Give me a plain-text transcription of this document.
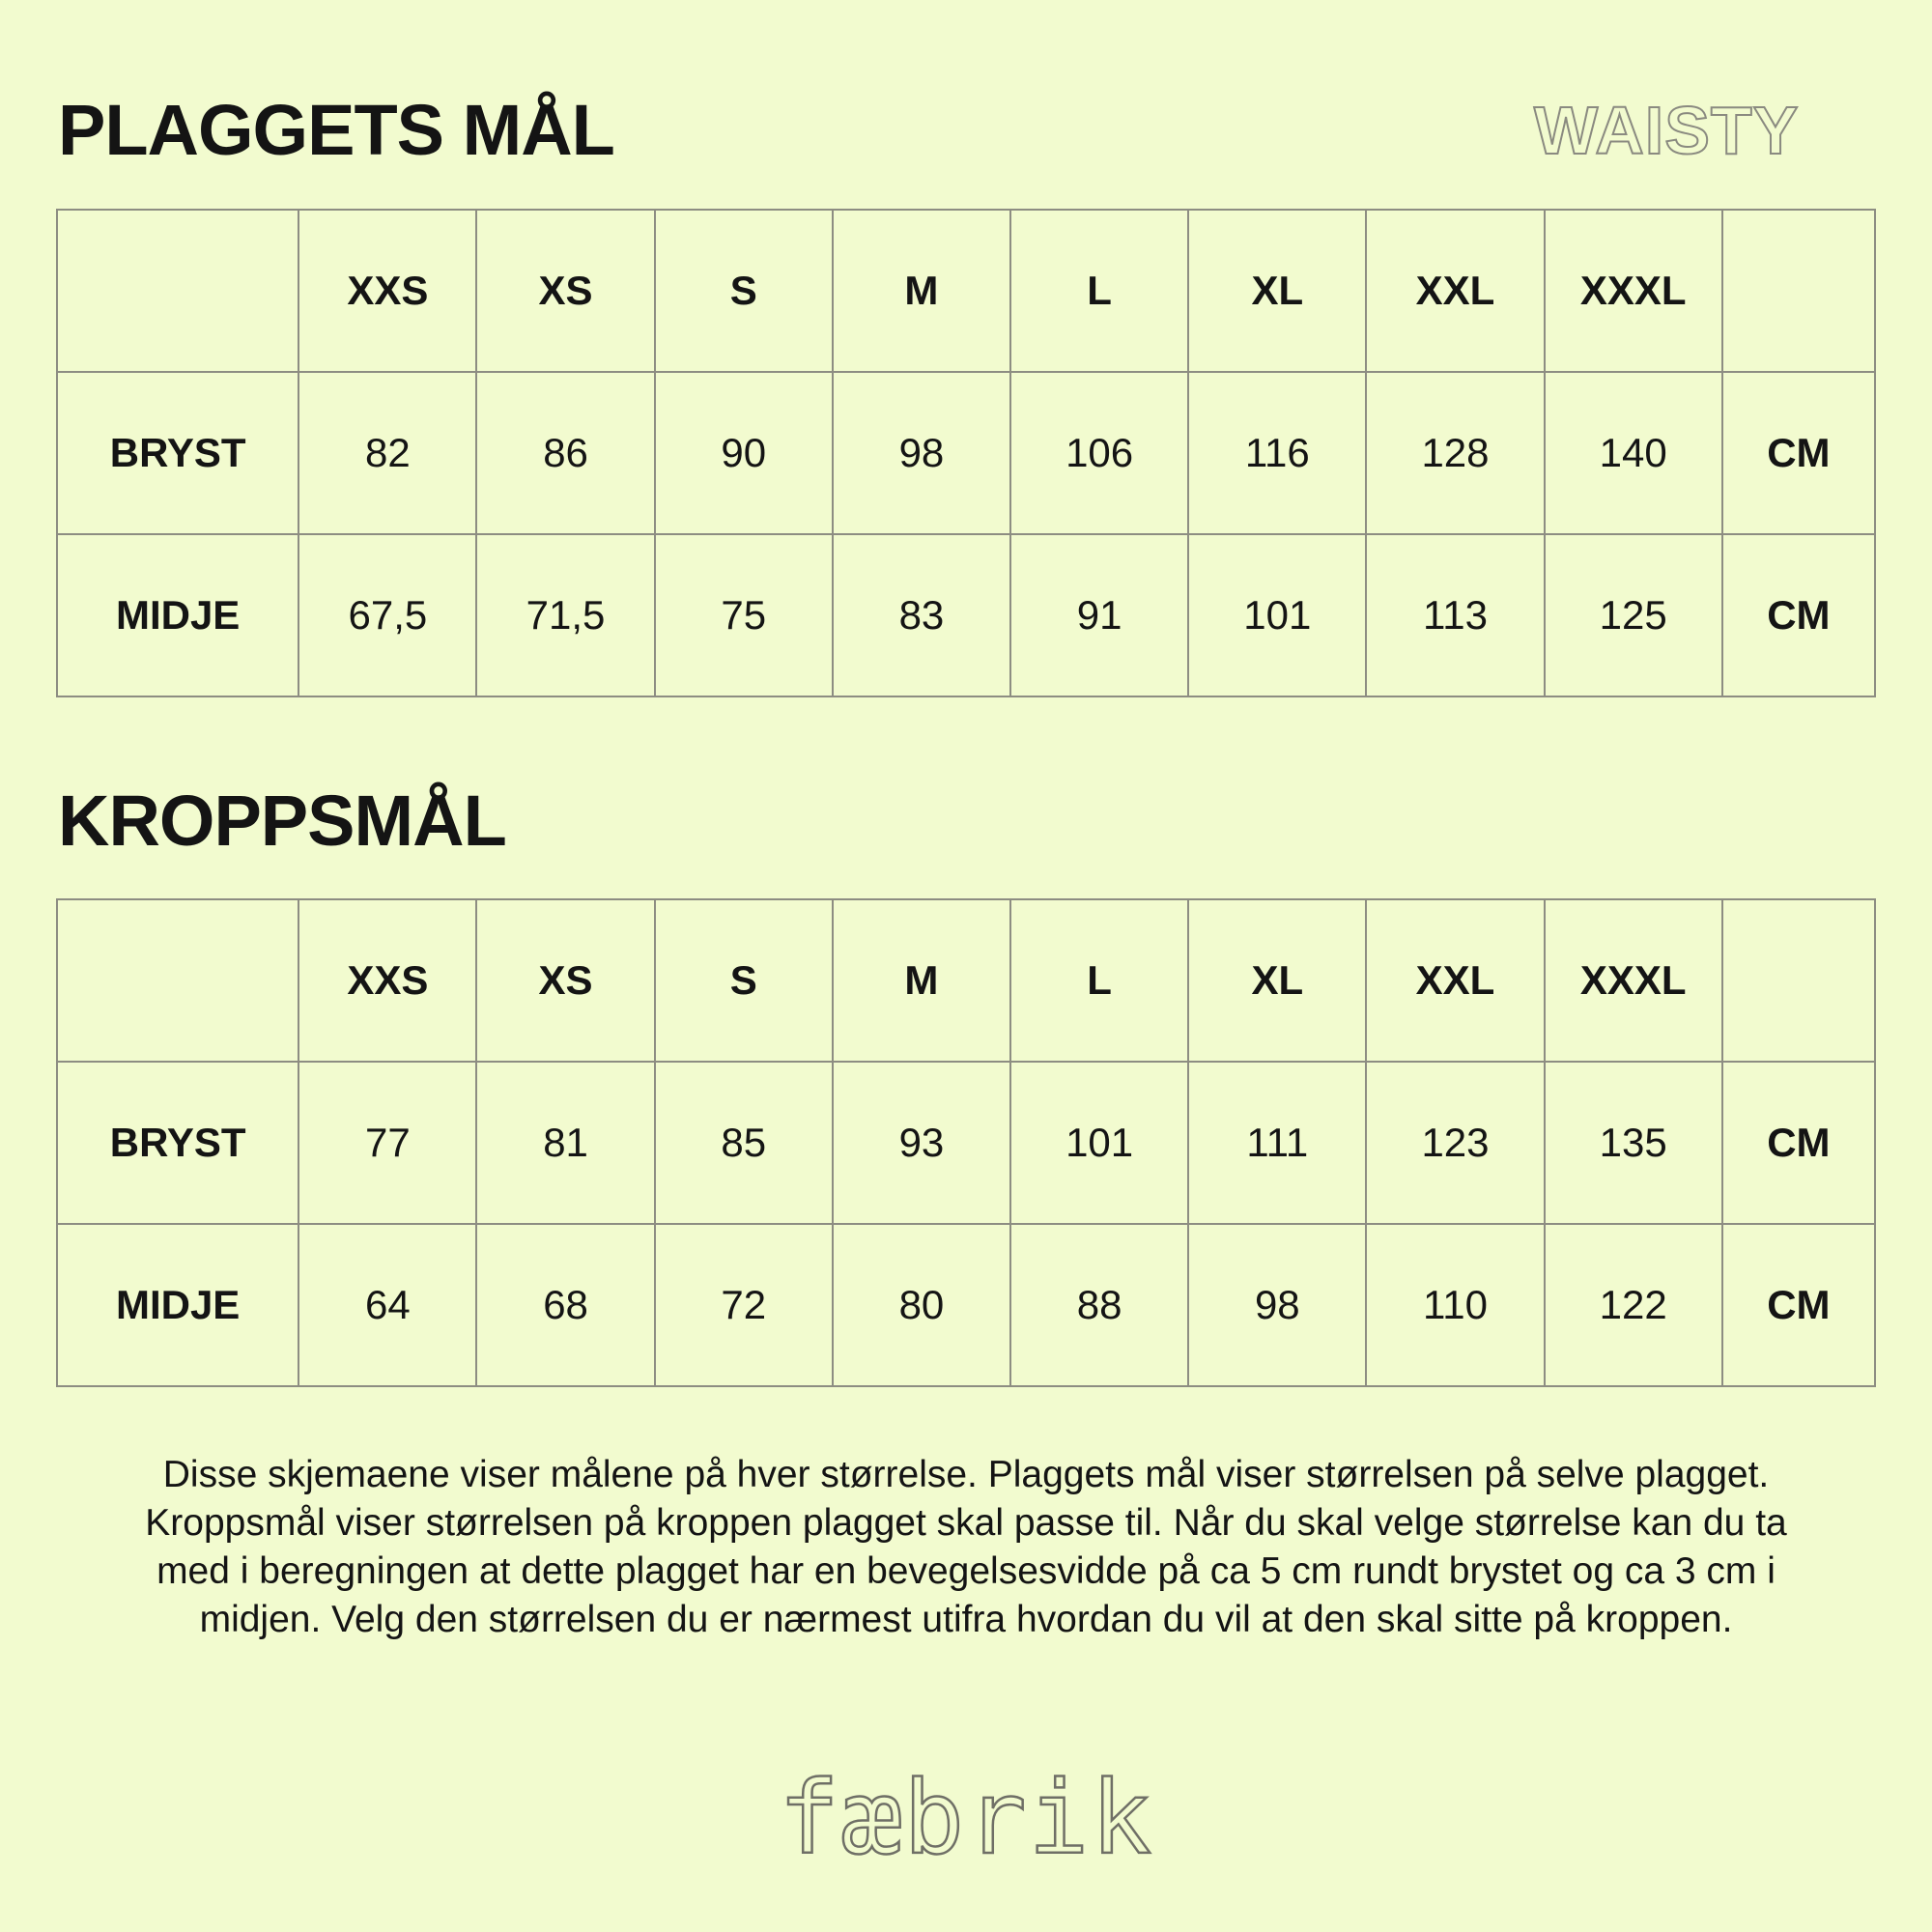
PLAGGETS MÅL	WAISTY
	XXS	XS	S	M	L	XL	XXL	XXXL	
BRYST	82	86	90	98	106	116	128	140	CM
MIDJE	67,5	71,5	75	83	91	101	113	125	CM
KROPPSMÅL
	XXS	XS	S	M	L	XL	XXL	XXXL	
BRYST	77	81	85	93	101	111	123	135	CM
MIDJE	64	68	72	80	88	98	110	122	CM

Disse skjemaene viser målene på hver størrelse. Plaggets mål viser størrelsen på selve plagget. Kroppsmål viser størrelsen på kroppen plagget skal passe til. Når du skal velge størrelse kan du ta med i beregningen at dette plagget har en bevegelsesvidde på ca 5 cm rundt brystet og ca 3 cm i midjen. Velg den størrelsen du er nærmest utifra hvordan du vil at den skal sitte på kroppen.

fæbrik
